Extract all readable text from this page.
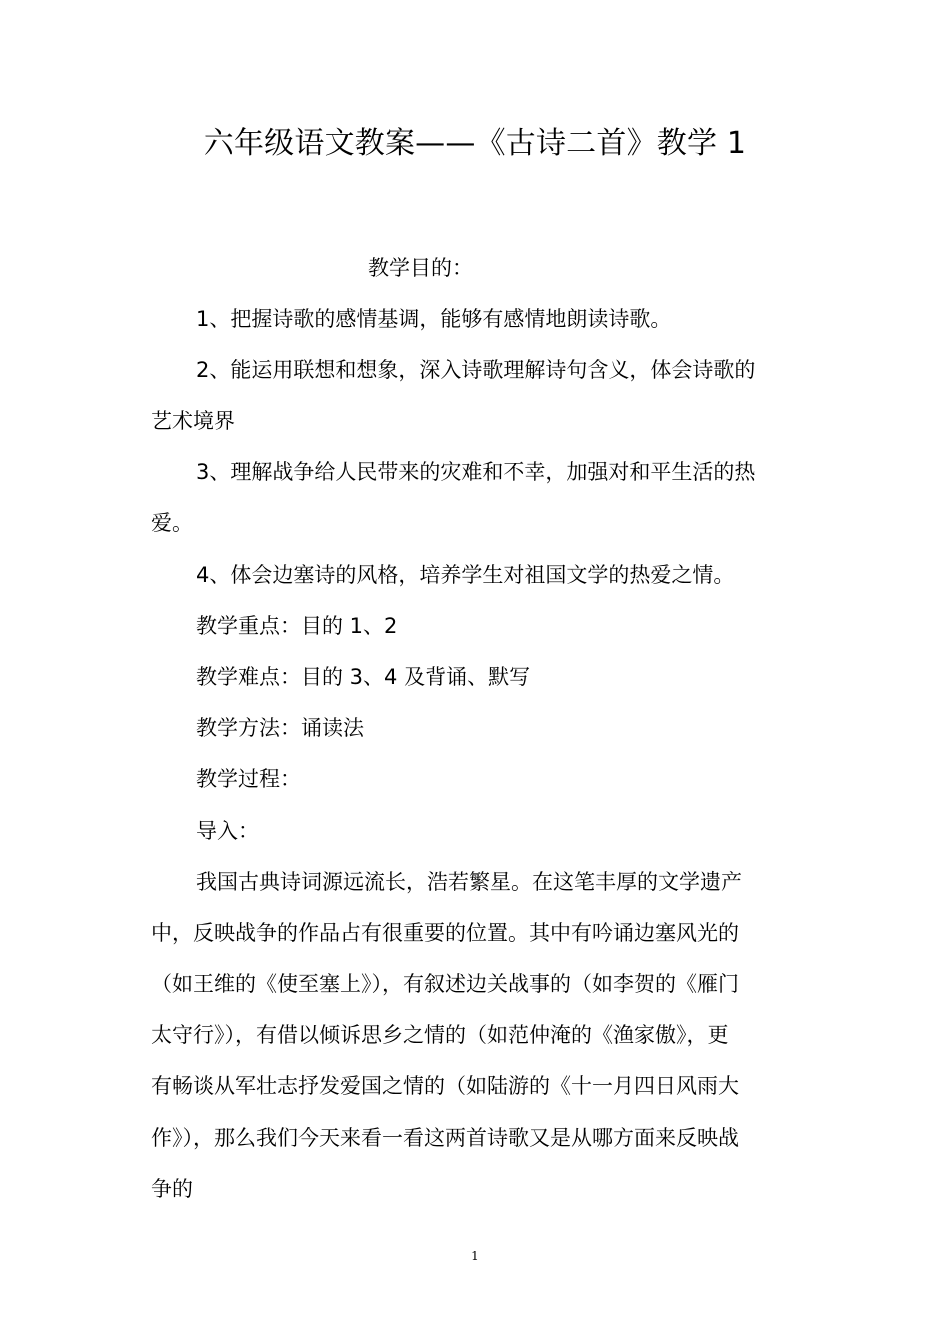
六年级语文教案——《古诗二首》教学 1
教学目的：
1、把握诗歌的感情基调，能够有感情地朗读诗歌。
2、能运用联想和想象，深入诗歌理解诗句含义，体会诗歌的
艺术境界
3、理解战争给人民带来的灾难和不幸，加强对和平生活的热
爱。
4、体会边塞诗的风格，培养学生对祖国文学的热爱之情。
教学重点：目的 1、2
教学难点：目的 3、4 及背诵、默写
教学方法：诵读法
教学过程：
导入：
我国古典诗词源远流长，浩若繁星。在这笔丰厚的文学遗产
中，反映战争的作品占有很重要的位置。其中有吟诵边塞风光的
（如王维的《使至塞上》），有叙述边关战事的（如李贺的《雁门
太守行》），有借以倾诉思乡之情的（如范仲淹的《渔家傲》，更
有畅谈从军壮志抒发爱国之情的（如陆游的《十一月四日风雨大
作》），那么我们今天来看一看这两首诗歌又是从哪方面来反映战
争的
1
